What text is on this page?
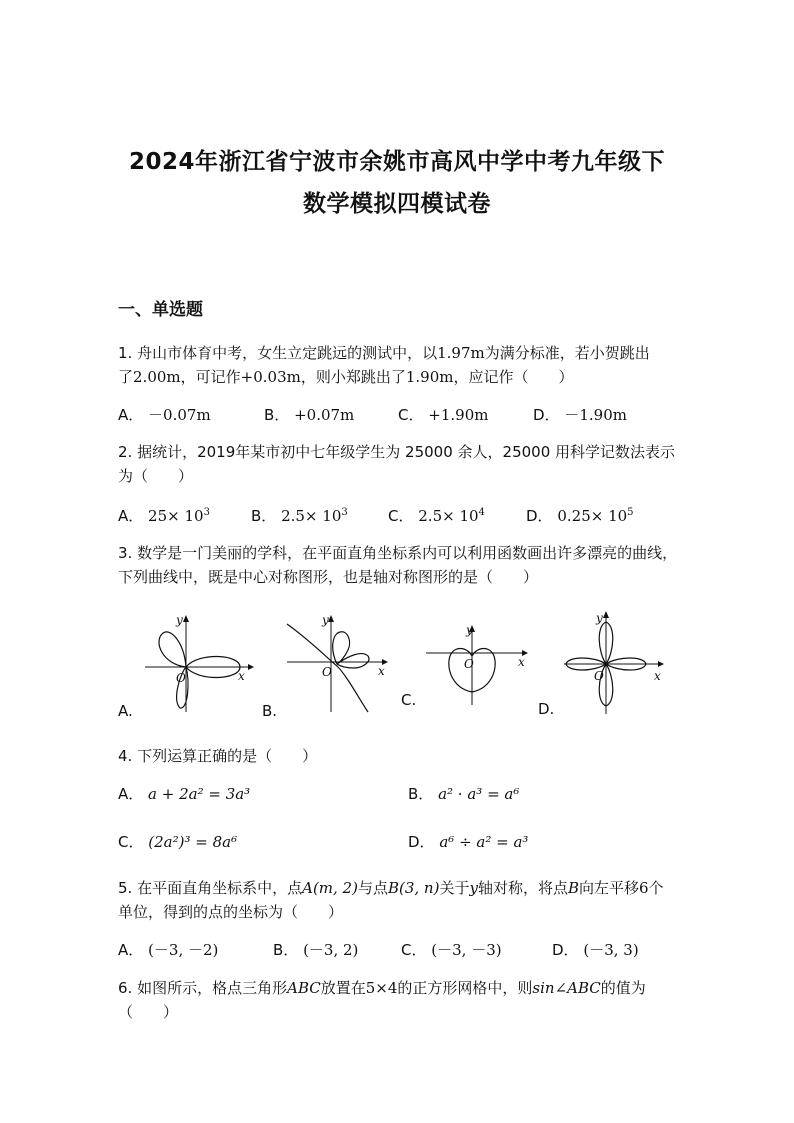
2024年浙江省宁波市余姚市高风中学中考九年级下
数学模拟四模试卷
一、单选题
1. 舟山市体育中考，女生立定跳远的测试中，以1.97m为满分标准，若小贺跳出
了2.00m，可记作+0.03m，则小郑跳出了1.90m，应记作（　　）
A． －0.07m	B． +0.07m	C． +1.90m	D． －1.90m
2. 据统计，2019年某市初中七年级学生为 25000 余人，25000 用科学记数法表示为（　　）
A． $25\times 10^3$	B． $2.5\times 10^3$	C． $2.5\times 10^4$	D． $0.25\times 10^5$
3. 数学是一门美丽的学科，在平面直角坐标系内可以利用函数画出许多漂亮的曲线，下列曲线中，既是中心对称图形，也是轴对称图形的是（　　）
O	x
y
A.
O	x
y
B.
O	x
y
C.
O	x
y
D.
4. 下列运算正确的是（　　）
A． a + 2a² = 3a³	B． a² · a³ = a⁶
C． (2a²)³ = 8a⁶	D． a⁶ ÷ a² = a³
5. 在平面直角坐标系中，点A(m, 2)与点B(3, n)关于y轴对称，将点B向左平移6个单位，得到的点的坐标为（　　）
A． (－3, －2)	B． (－3, 2)	C． (－3, －3)	D． (－3, 3)
6. 如图所示，格点三角形ABC放置在5×4的正方形网格中，则sin∠ABC的值为
（　　）
